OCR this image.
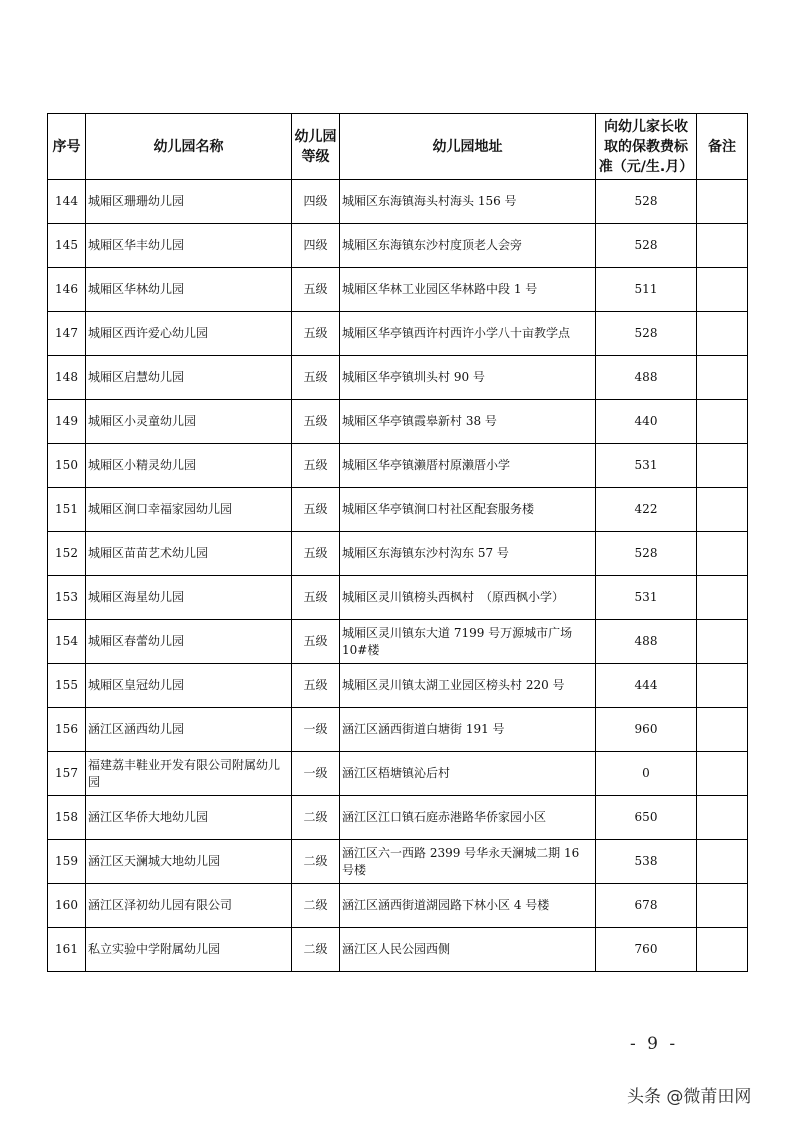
序号	幼儿园名称	幼儿园等级	幼儿园地址	向幼儿家长收取的保教费标准（元/生.月）	备注
144	城厢区珊珊幼儿园	四级	城厢区东海镇海头村海头 156 号	528	
145	城厢区华丰幼儿园	四级	城厢区东海镇东沙村度顶老人会旁	528	
146	城厢区华林幼儿园	五级	城厢区华林工业园区华林路中段 1 号	511	
147	城厢区西许爱心幼儿园	五级	城厢区华亭镇西许村西许小学八十亩教学点	528	
148	城厢区启慧幼儿园	五级	城厢区华亭镇圳头村 90 号	488	
149	城厢区小灵童幼儿园	五级	城厢区华亭镇霞皋新村 38 号	440	
150	城厢区小精灵幼儿园	五级	城厢区华亭镇濑厝村原濑厝小学	531	
151	城厢区涧口幸福家园幼儿园	五级	城厢区华亭镇涧口村社区配套服务楼	422	
152	城厢区苗苗艺术幼儿园	五级	城厢区东海镇东沙村沟东 57 号	528	
153	城厢区海星幼儿园	五级	城厢区灵川镇榜头西枫村　（原西枫小学）	531	
154	城厢区春蕾幼儿园	五级	城厢区灵川镇东大道 7199 号万源城市广场 10#楼	488	
155	城厢区皇冠幼儿园	五级	城厢区灵川镇太湖工业园区榜头村 220 号	444	
156	涵江区涵西幼儿园	一级	涵江区涵西街道白塘街 191 号	960	
157	福建荔丰鞋业开发有限公司附属幼儿园	一级	涵江区梧塘镇沁后村	0	
158	涵江区华侨大地幼儿园	二级	涵江区江口镇石庭赤港路华侨家园小区	650	
159	涵江区天澜城大地幼儿园	二级	涵江区六一西路 2399 号华永天澜城二期 16 号楼	538	
160	涵江区泽初幼儿园有限公司	二级	涵江区涵西街道湖园路下林小区 4 号楼	678	
161	私立实验中学附属幼儿园	二级	涵江区人民公园西侧	760	
- 9 -
头条 @微莆田网
